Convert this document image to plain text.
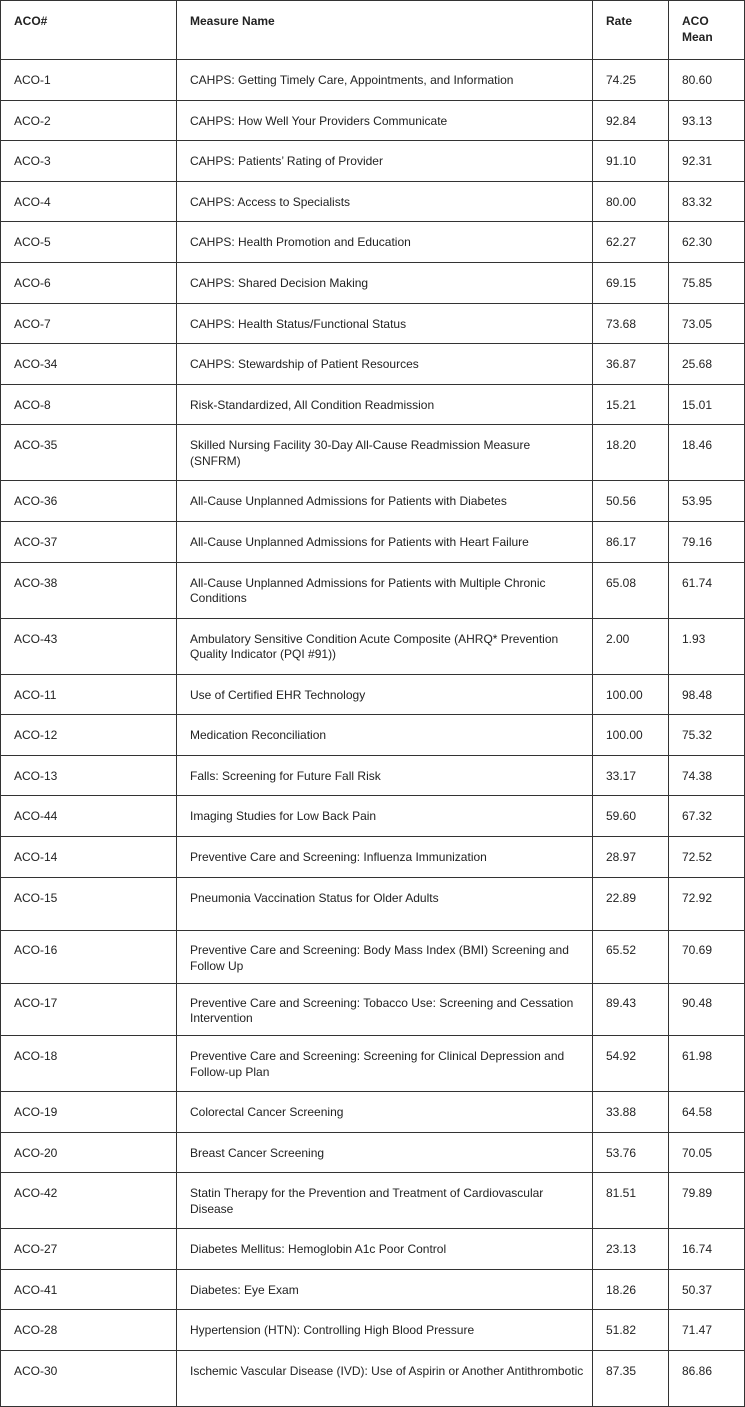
ACO#	Measure Name	Rate	ACO Mean
ACO-1	CAHPS: Getting Timely Care, Appointments, and Information	74.25	80.60
ACO-2	CAHPS: How Well Your Providers Communicate	92.84	93.13
ACO-3	CAHPS: Patients’ Rating of Provider	91.10	92.31
ACO-4	CAHPS: Access to Specialists	80.00	83.32
ACO-5	CAHPS: Health Promotion and Education	62.27	62.30
ACO-6	CAHPS: Shared Decision Making	69.15	75.85
ACO-7	CAHPS: Health Status/Functional Status	73.68	73.05
ACO-34	CAHPS: Stewardship of Patient Resources	36.87	25.68
ACO-8	Risk-Standardized, All Condition Readmission	15.21	15.01
ACO-35	Skilled Nursing Facility 30-Day All-Cause Readmission Measure (SNFRM)	18.20	18.46
ACO-36	All-Cause Unplanned Admissions for Patients with Diabetes	50.56	53.95
ACO-37	All-Cause Unplanned Admissions for Patients with Heart Failure	86.17	79.16
ACO-38	All-Cause Unplanned Admissions for Patients with Multiple Chronic Conditions	65.08	61.74
ACO-43	Ambulatory Sensitive Condition Acute Composite (AHRQ* Prevention Quality Indicator (PQI #91))	2.00	1.93
ACO-11	Use of Certified EHR Technology	100.00	98.48
ACO-12	Medication Reconciliation	100.00	75.32
ACO-13	Falls: Screening for Future Fall Risk	33.17	74.38
ACO-44	Imaging Studies for Low Back Pain	59.60	67.32
ACO-14	Preventive Care and Screening: Influenza Immunization	28.97	72.52
ACO-15	Pneumonia Vaccination Status for Older Adults	22.89	72.92
ACO-16	Preventive Care and Screening: Body Mass Index (BMI) Screening and Follow Up	65.52	70.69
ACO-17	Preventive Care and Screening: Tobacco Use: Screening and Cessation Intervention	89.43	90.48
ACO-18	Preventive Care and Screening: Screening for Clinical Depression and Follow-up Plan	54.92	61.98
ACO-19	Colorectal Cancer Screening	33.88	64.58
ACO-20	Breast Cancer Screening	53.76	70.05
ACO-42	Statin Therapy for the Prevention and Treatment of Cardiovascular Disease	81.51	79.89
ACO-27	Diabetes Mellitus: Hemoglobin A1c Poor Control	23.13	16.74
ACO-41	Diabetes: Eye Exam	18.26	50.37
ACO-28	Hypertension (HTN): Controlling High Blood Pressure	51.82	71.47
ACO-30	Ischemic Vascular Disease (IVD): Use of Aspirin or Another Antithrombotic	87.35	86.86
